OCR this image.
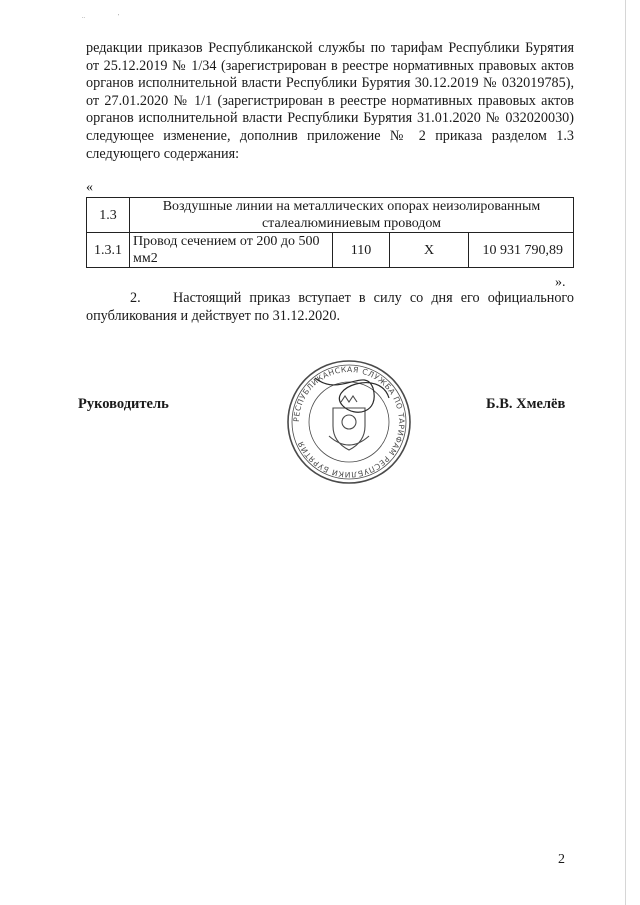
..	'

редакции приказов Республиканской службы по тарифам Республики Бурятия от 25.12.2019 № 1/34 (зарегистрирован в реестре нормативных правовых актов органов исполнительной власти Республики Бурятия 30.12.2019 № 032019785), от 27.01.2020 № 1/1 (зарегистрирован в реестре нормативных правовых актов органов исполнительной власти Республики Бурятия 31.01.2020 № 032020030) следующее изменение, дополнив приложение № 2 приказа разделом 1.3 следующего содержания:

«
1.3	Воздушные линии на металлических опорах неизолированным сталеалюминиевым проводом			
1.3.1	Провод сечением от 200 до 500 мм2	110	X	10 931 790,89
».

2.    Настоящий приказ вступает в силу со дня его официального опубликования и действует по 31.12.2020.

Руководитель
РЕСПУБЛИКАНСКАЯ СЛУЖБА ПО ТАРИФАМ РЕСПУБЛИКИ БУРЯТИЯ
Б.В. Хмелёв
2
